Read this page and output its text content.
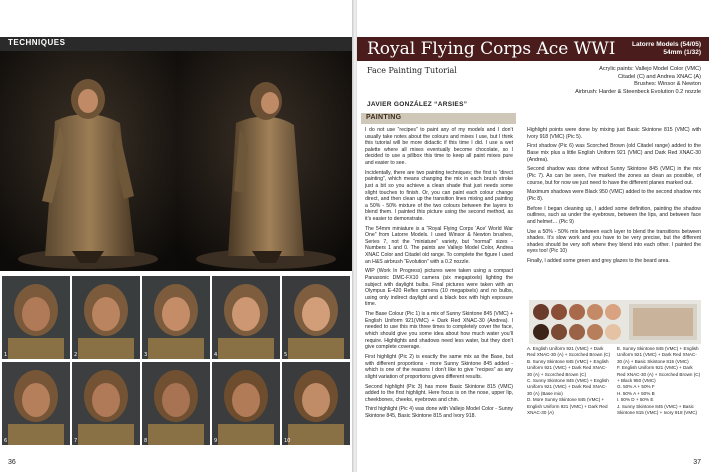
TECHNIQUES
1	2	3	4	5
6	7	8	9	10
36
Royal Flying Corps Ace WWI	Latorre Models (54/05)
54mm (1/32)
Face Painting Tutorial	Acrylic paints: Vallejo Model Color (VMC)
Citadel (C) and Andrea XNAC (A)
Brushes: Winsor & Newton
Airbrush: Harder & Steenbeck Evolution 0.2 nozzle
JAVIER GONZÁLEZ “ARSIES”
PAINTING

I do not use “recipes” to paint any of my models and I don’t usually take notes about the colours and mixes I use, but I think this tutorial will be more didactic if this time I did. I use a wet palette where all mixes eventually become chocolate, so I decided to use a pillbox this time to keep all paint mixes pure and easier to see.

Incidentally, there are two painting techniques; the first is “direct painting”, which means changing the mix in each brush stroke just a bit so you achieve a clean shade that just needs some slight touches to finish. Or, you can paint each colour change direct, and then clean up the transition lines mixing and painting a 50% - 50% mixture of the two colours between the layers to blend them. I painted this picture using the second method, as it’s easier to demonstrate.

The 54mm miniature is a “Royal Flying Corps ‘Ace’ World War One” from Latorre Models. I used Winsor & Newton brushes, Series 7, not the “miniature” variety, but “normal” sizes - Numbers 1 and 0. The paints are Vallejo Model Color, Andrea XNAC Color and Citadel old range. To complete the figure I used an H&S airbrush “Evolution” with a 0.2 nozzle.

WIP (Work In Progress) pictures were taken using a compact Panasonic DMC-FX10 camera (six megapixels) lighting the subject with daylight bulbs. Final pictures were taken with an Olympus E-420 Reflex camera (10 megapixels) and no bulbs, using only indirect daylight and a black box with high exposure time.

The Base Colour (Pic 1) is a mix of Sunny Skintone 845 (VMC) + English Uniform 921(VMC) + Dark Red XNAC-30 (Andrea). I needed to use this mix three times to completely cover the face, which should give you some idea about how much water you’ll require. Highlights and shadows need less water, but they don’t give complete coverage.

First highlight (Pic 2) is exactly the same mix as the Base, but with different proportions - more Sunny Skintone 845 added - which is one of the reasons I don’t like to give “recipes” as any slight variation of proportions gives different results.

Second highlight (Pic 3) has more Basic Skintone 815 (VMC) added to the first highlight. Here focus is on the nose, upper lip, cheekbones, cheeks, eyebrows and chin.

Third highlight (Pic 4) was done with Vallejo Model Color - Sunny Skintone 845, Basic Skintone 815 and Ivory 918.

Highlight points were done by mixing just Basic Skintone 815 (VMC) with Ivory 918 (VMC) (Pic 5).

First shadow (Pic 6) was Scorched Brown (old Citadel range) added to the Base mix plus a little English Uniform 921 (VMC) and Dark Red XNAC-30 (Andrea).

Second shadow was done without Sunny Skintone 845 (VMC) in the mix (Pic 7). As can be seen, I’ve marked the zones as clean as possible, of course, but for now we just need to have the different planes marked out.

Maximum shadows were Black 950 (VMC) added to the second shadow mix (Pic 8).

Before I began cleaning up, I added some definition, painting the shadow outlines, such as under the eyebrows, between the lips, and between face and helmet… (Pic 9)

Use a 50% - 50% mix between each layer to blend the transitions between shades. It’s slow work and you have to be very precise, but the different shades should be very soft where they blend into each other. I painted the eyes too! (Pic 10)

Finally, I added some green and grey glazes to the beard area.

A. English Uniform 921 (VMC) + Dark Red XNAC-30 (A) + Scorched Brown (C)
B. Sunny Skintone 845 (VMC) + English Uniform 921 (VMC) + Dark Red XNAC-30 (A) + Scorched Brown (C)
C. Sunny Skintone 845 (VMC) + English Uniform 921 (VMC) + Dark Red XNAC-30 (A) (Base mix)
D. More Sunny Skintone 845 (VMC) + English Uniform 921 (VMC) + Dark Red XNAC-30 (A)
E. Sunny Skintone 845 (VMC) + English Uniform 921 (VMC) + Dark Red XNAC-30 (A) + Basic Skintone 815 (VMC)
F. English Uniform 921 (VMC) + Dark Red XNAC-30 (A) + Scorched Brown (C) + Black 950 (VMC)
G. 50% A + 50% F
H. 50% A + 50% B
I. 50% D + 50% E
J. Sunny Skintone 845 (VMC) + Basic Skintone 815 (VMC) + Ivory 918 (VMC)
37
